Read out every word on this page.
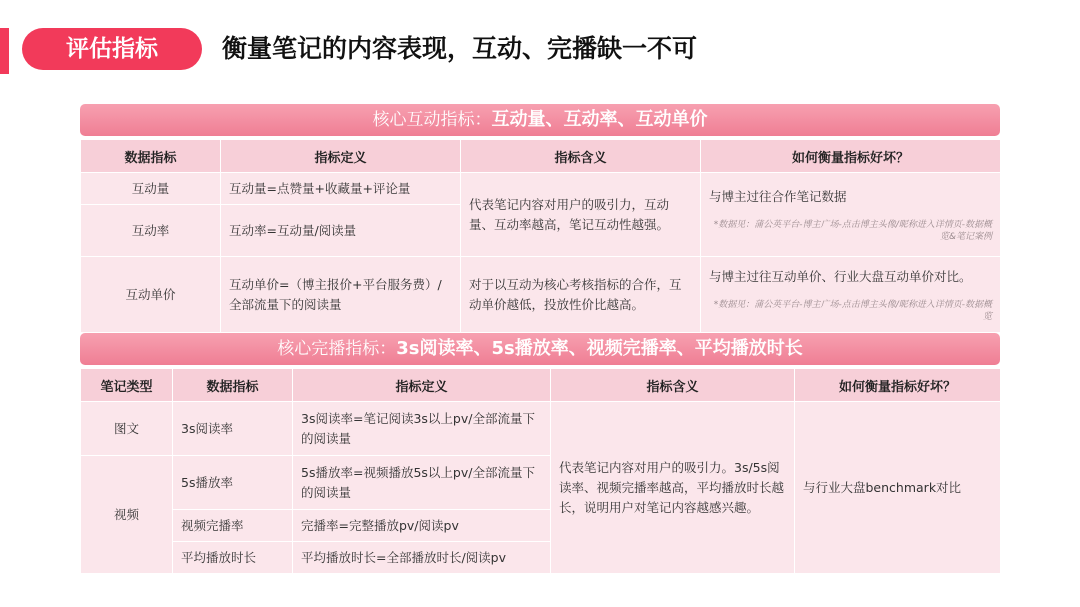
评估指标	衡量笔记的内容表现，互动、完播缺一不可
核心互动指标：互动量、互动率、互动单价
数据指标	指标定义	指标含义	如何衡量指标好坏？
互动量	互动量=点赞量+收藏量+评论量	代表笔记内容对用户的吸引力，互动量、互动率越高，笔记互动性越强。	与博主过往合作笔记数据
*数据见：蒲公英平台-博主广场-点击博主头像/昵称进入详情页-数据概览&笔记案例

互动率	互动率=互动量/阅读量		
互动单价	互动单价=（博主报价+平台服务费）/全部流量下的阅读量	对于以互动为核心考核指标的合作，互动单价越低，投放性价比越高。	与博主过往互动单价、行业大盘互动单价对比。
*数据见：蒲公英平台-博主广场-点击博主头像/昵称进入详情页-数据概览
核心完播指标：3s阅读率、5s播放率、视频完播率、平均播放时长
笔记类型	数据指标	指标定义	指标含义	如何衡量指标好坏？
图文	3s阅读率	3s阅读率=笔记阅读3s以上pv/全部流量下的阅读量	代表笔记内容对用户的吸引力。3s/5s阅读率、视频完播率越高，平均播放时长越长，说明用户对笔记内容越感兴趣。	与行业大盘benchmark对比
视频	5s播放率	5s播放率=视频播放5s以上pv/全部流量下的阅读量		
	视频完播率	完播率=完整播放pv/阅读pv		
	平均播放时长	平均播放时长=全部播放时长/阅读pv		
